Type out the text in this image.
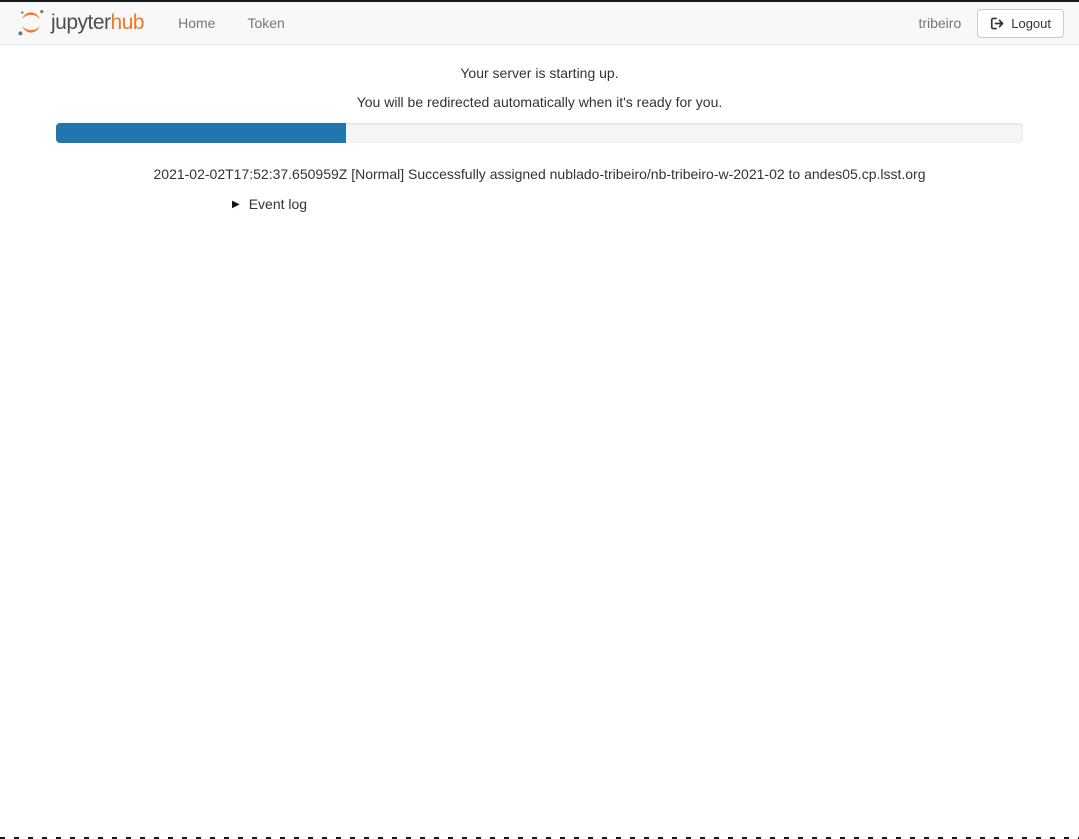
jupyterhub	Home	Token	tribeiro	Logout

Your server is starting up.

You will be redirected automatically when it's ready for you.

2021-02-02T17:52:37.650959Z [Normal] Successfully assigned nublado-tribeiro/nb-tribeiro-w-2021-02 to andes05.cp.lsst.org

▶ Event log
